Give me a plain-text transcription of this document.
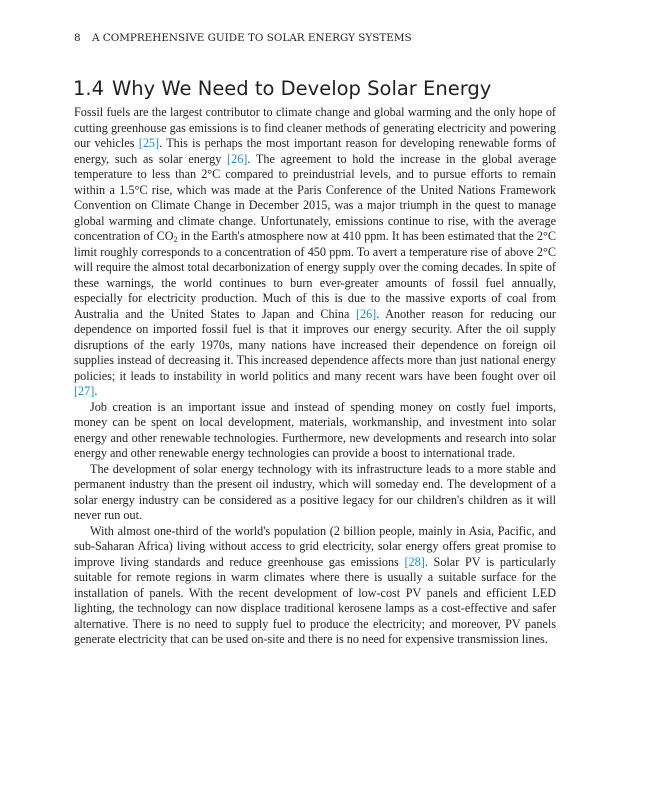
8 A COMPREHENSIVE GUIDE TO SOLAR ENERGY SYSTEMS
1.4 Why We Need to Develop Solar Energy

Fossil fuels are the largest contributor to climate change and global warming and the only hope of cutting greenhouse gas emissions is to find cleaner methods of generating electricity and powering our vehicles [25]. This is perhaps the most important reason for developing renewable forms of energy, such as solar energy [26]. The agreement to hold the increase in the global average temperature to less than 2°C compared to preindustrial levels, and to pursue efforts to remain within a 1.5°C rise, which was made at the Paris Conference of the United Nations Framework Convention on Climate Change in December 2015, was a major triumph in the quest to manage global warming and climate change. Unfortunately, emissions continue to rise, with the average concentration of $CO_2$ in the Earth's atmosphere now at 410 ppm. It has been estimated that the 2°C limit roughly corresponds to a concentration of 450 ppm. To avert a temperature rise of above 2°C will require the almost total decarbonization of energy supply over the coming decades. In spite of these warnings, the world continues to burn ever-greater amounts of fossil fuel annually, especially for electricity production. Much of this is due to the massive exports of coal from Australia and the United States to Japan and China [26]. Another reason for reducing our dependence on imported fossil fuel is that it improves our energy security. After the oil supply disruptions of the early 1970s, many nations have increased their dependence on foreign oil supplies instead of decreasing it. This increased dependence affects more than just national energy policies; it leads to instability in world politics and many recent wars have been fought over oil [27].

Job creation is an important issue and instead of spending money on costly fuel imports, money can be spent on local development, materials, workmanship, and investment into solar energy and other renewable technologies. Furthermore, new developments and research into solar energy and other renewable energy technologies can provide a boost to international trade.

The development of solar energy technology with its infrastructure leads to a more stable and permanent industry than the present oil industry, which will someday end. The development of a solar energy industry can be considered as a positive legacy for our children's children as it will never run out.

With almost one-third of the world's population (2 billion people, mainly in Asia, Pacific, and sub-Saharan Africa) living without access to grid electricity, solar energy offers great promise to improve living standards and reduce greenhouse gas emissions [28]. Solar PV is particularly suitable for remote regions in warm climates where there is usually a suitable surface for the installation of panels. With the recent development of low-cost PV panels and efficient LED lighting, the technology can now displace traditional kerosene lamps as a cost-effective and safer alternative. There is no need to supply fuel to produce the electricity; and moreover, PV panels generate electricity that can be used on-site and there is no need for expensive transmission lines.
